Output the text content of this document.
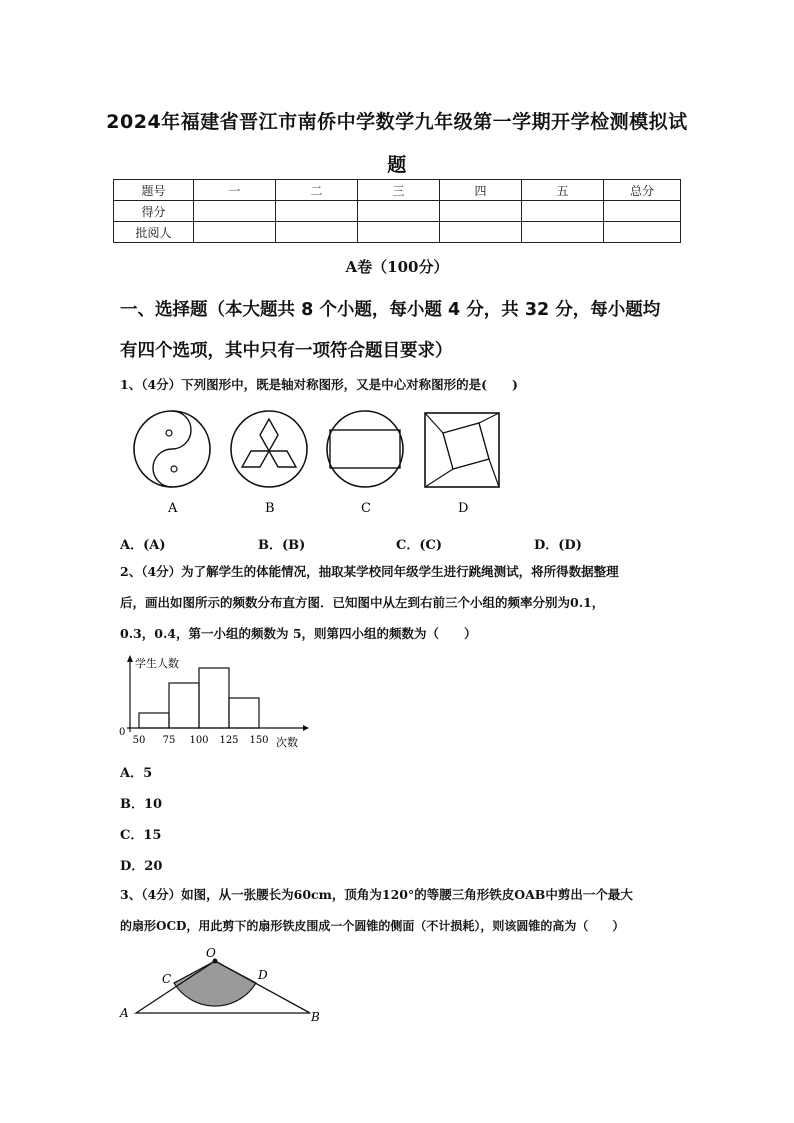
2024年福建省晋江市南侨中学数学九年级第一学期开学检测模拟试
题
题号	一	二	三	四	五	总分
得分						
批阅人						
A卷（100分）
一、选择题（本大题共 8 个小题，每小题 4 分，共 32 分，每小题均
有四个选项，其中只有一项符合题目要求）
1、（4分）下列图形中，既是轴对称图形，又是中心对称图形的是(　　)
A	B	C	D
A．(A)	B．(B)	C．(C)	D．(D)
2、（4分）为了解学生的体能情况，抽取某学校同年级学生进行跳绳测试，将所得数据整理
后，画出如图所示的频数分布直方图．已知图中从左到右前三个小组的频率分别为0.1，
0.3，0.4，第一小组的频数为 5，则第四小组的频数为（　　）
50 75 100 125 150
学生人数
次数
0
A．5
B．10
C．15
D．20
3、（4分）如图，从一张腰长为60cm，顶角为120°的等腰三角形铁皮OAB中剪出一个最大
的扇形OCD，用此剪下的扇形铁皮围成一个圆锥的侧面（不计损耗），则该圆锥的高为（　　）
O
C	D
A	B
